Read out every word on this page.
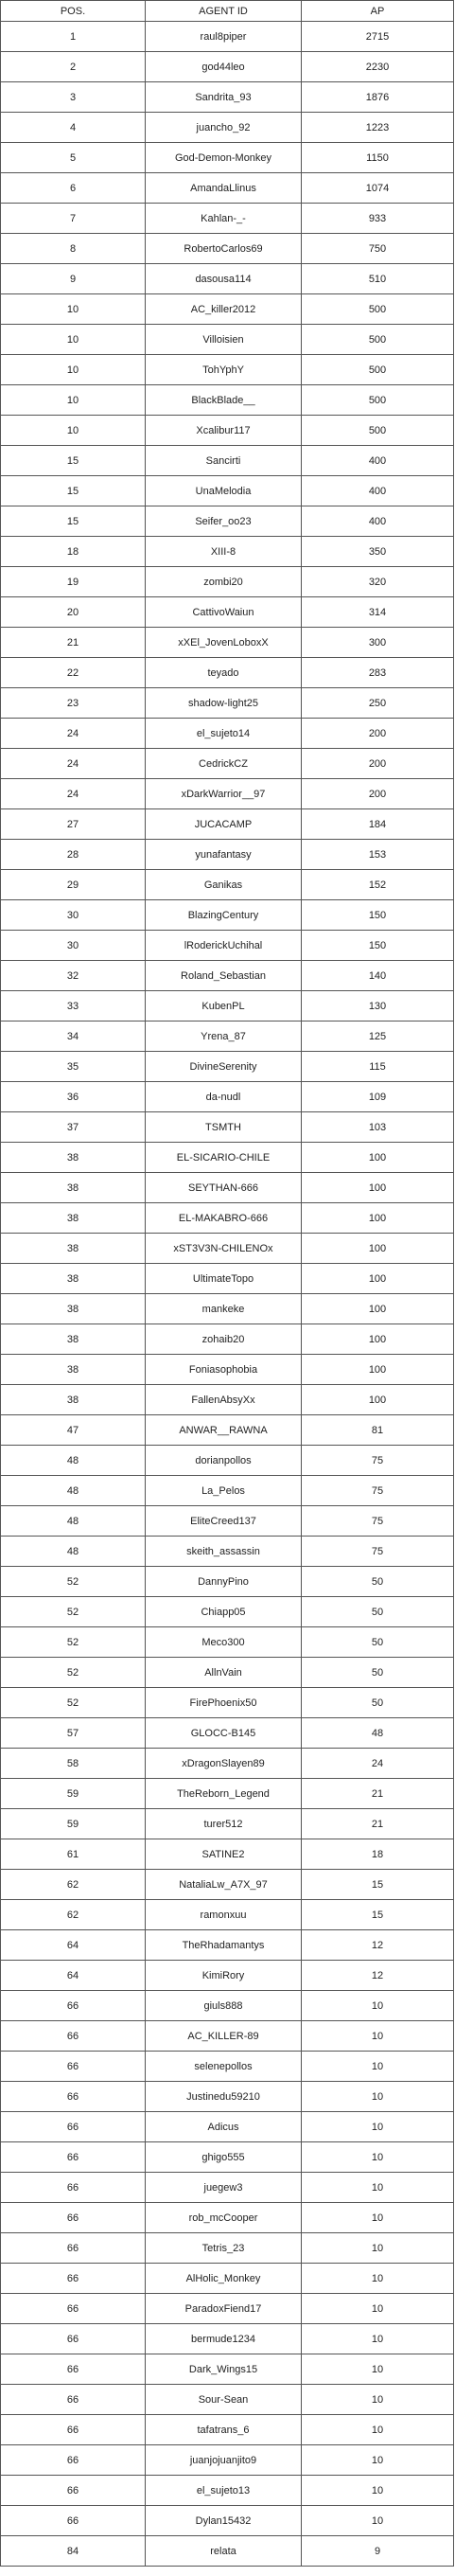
POS.	AGENT ID	AP
1	raul8piper	2715
2	god44leo	2230
3	Sandrita_93	1876
4	juancho_92	1223
5	God-Demon-Monkey	1150
6	AmandaLlinus	1074
7	Kahlan-_-	933
8	RobertoCarlos69	750
9	dasousa114	510
10	AC_killer2012	500
10	Villoisien	500
10	TohYphY	500
10	BlackBlade__	500
10	Xcalibur117	500
15	Sancirti	400
15	UnaMelodia	400
15	Seifer_oo23	400
18	XIII-8	350
19	zombi20	320
20	CattivoWaiun	314
21	xXEl_JovenLoboxX	300
22	teyado	283
23	shadow-light25	250
24	el_sujeto14	200
24	CedrickCZ	200
24	xDarkWarrior__97	200
27	JUCACAMP	184
28	yunafantasy	153
29	Ganikas	152
30	BlazingCentury	150
30	lRoderickUchihal	150
32	Roland_Sebastian	140
33	KubenPL	130
34	Yrena_87	125
35	DivineSerenity	115
36	da-nudl	109
37	TSMTH	103
38	EL-SICARIO-CHILE	100
38	SEYTHAN-666	100
38	EL-MAKABRO-666	100
38	xST3V3N-CHILENOx	100
38	UltimateTopo	100
38	mankeke	100
38	zohaib20	100
38	Foniasophobia	100
38	FallenAbsyXx	100
47	ANWAR__RAWNA	81
48	dorianpollos	75
48	La_Pelos	75
48	EliteCreed137	75
48	skeith_assassin	75
52	DannyPino	50
52	Chiapp05	50
52	Meco300	50
52	AllnVain	50
52	FirePhoenix50	50
57	GLOCC-B145	48
58	xDragonSlayen89	24
59	TheReborn_Legend	21
59	turer512	21
61	SATINE2	18
62	NataliaLw_A7X_97	15
62	ramonxuu	15
64	TheRhadamantys	12
64	KimiRory	12
66	giuls888	10
66	AC_KILLER-89	10
66	selenepollos	10
66	Justinedu59210	10
66	Adicus	10
66	ghigo555	10
66	juegew3	10
66	rob_mcCooper	10
66	Tetris_23	10
66	AlHolic_Monkey	10
66	ParadoxFiend17	10
66	bermude1234	10
66	Dark_Wings15	10
66	Sour-Sean	10
66	tafatrans_6	10
66	juanjojuanjito9	10
66	el_sujeto13	10
66	Dylan15432	10
84	relata	9
